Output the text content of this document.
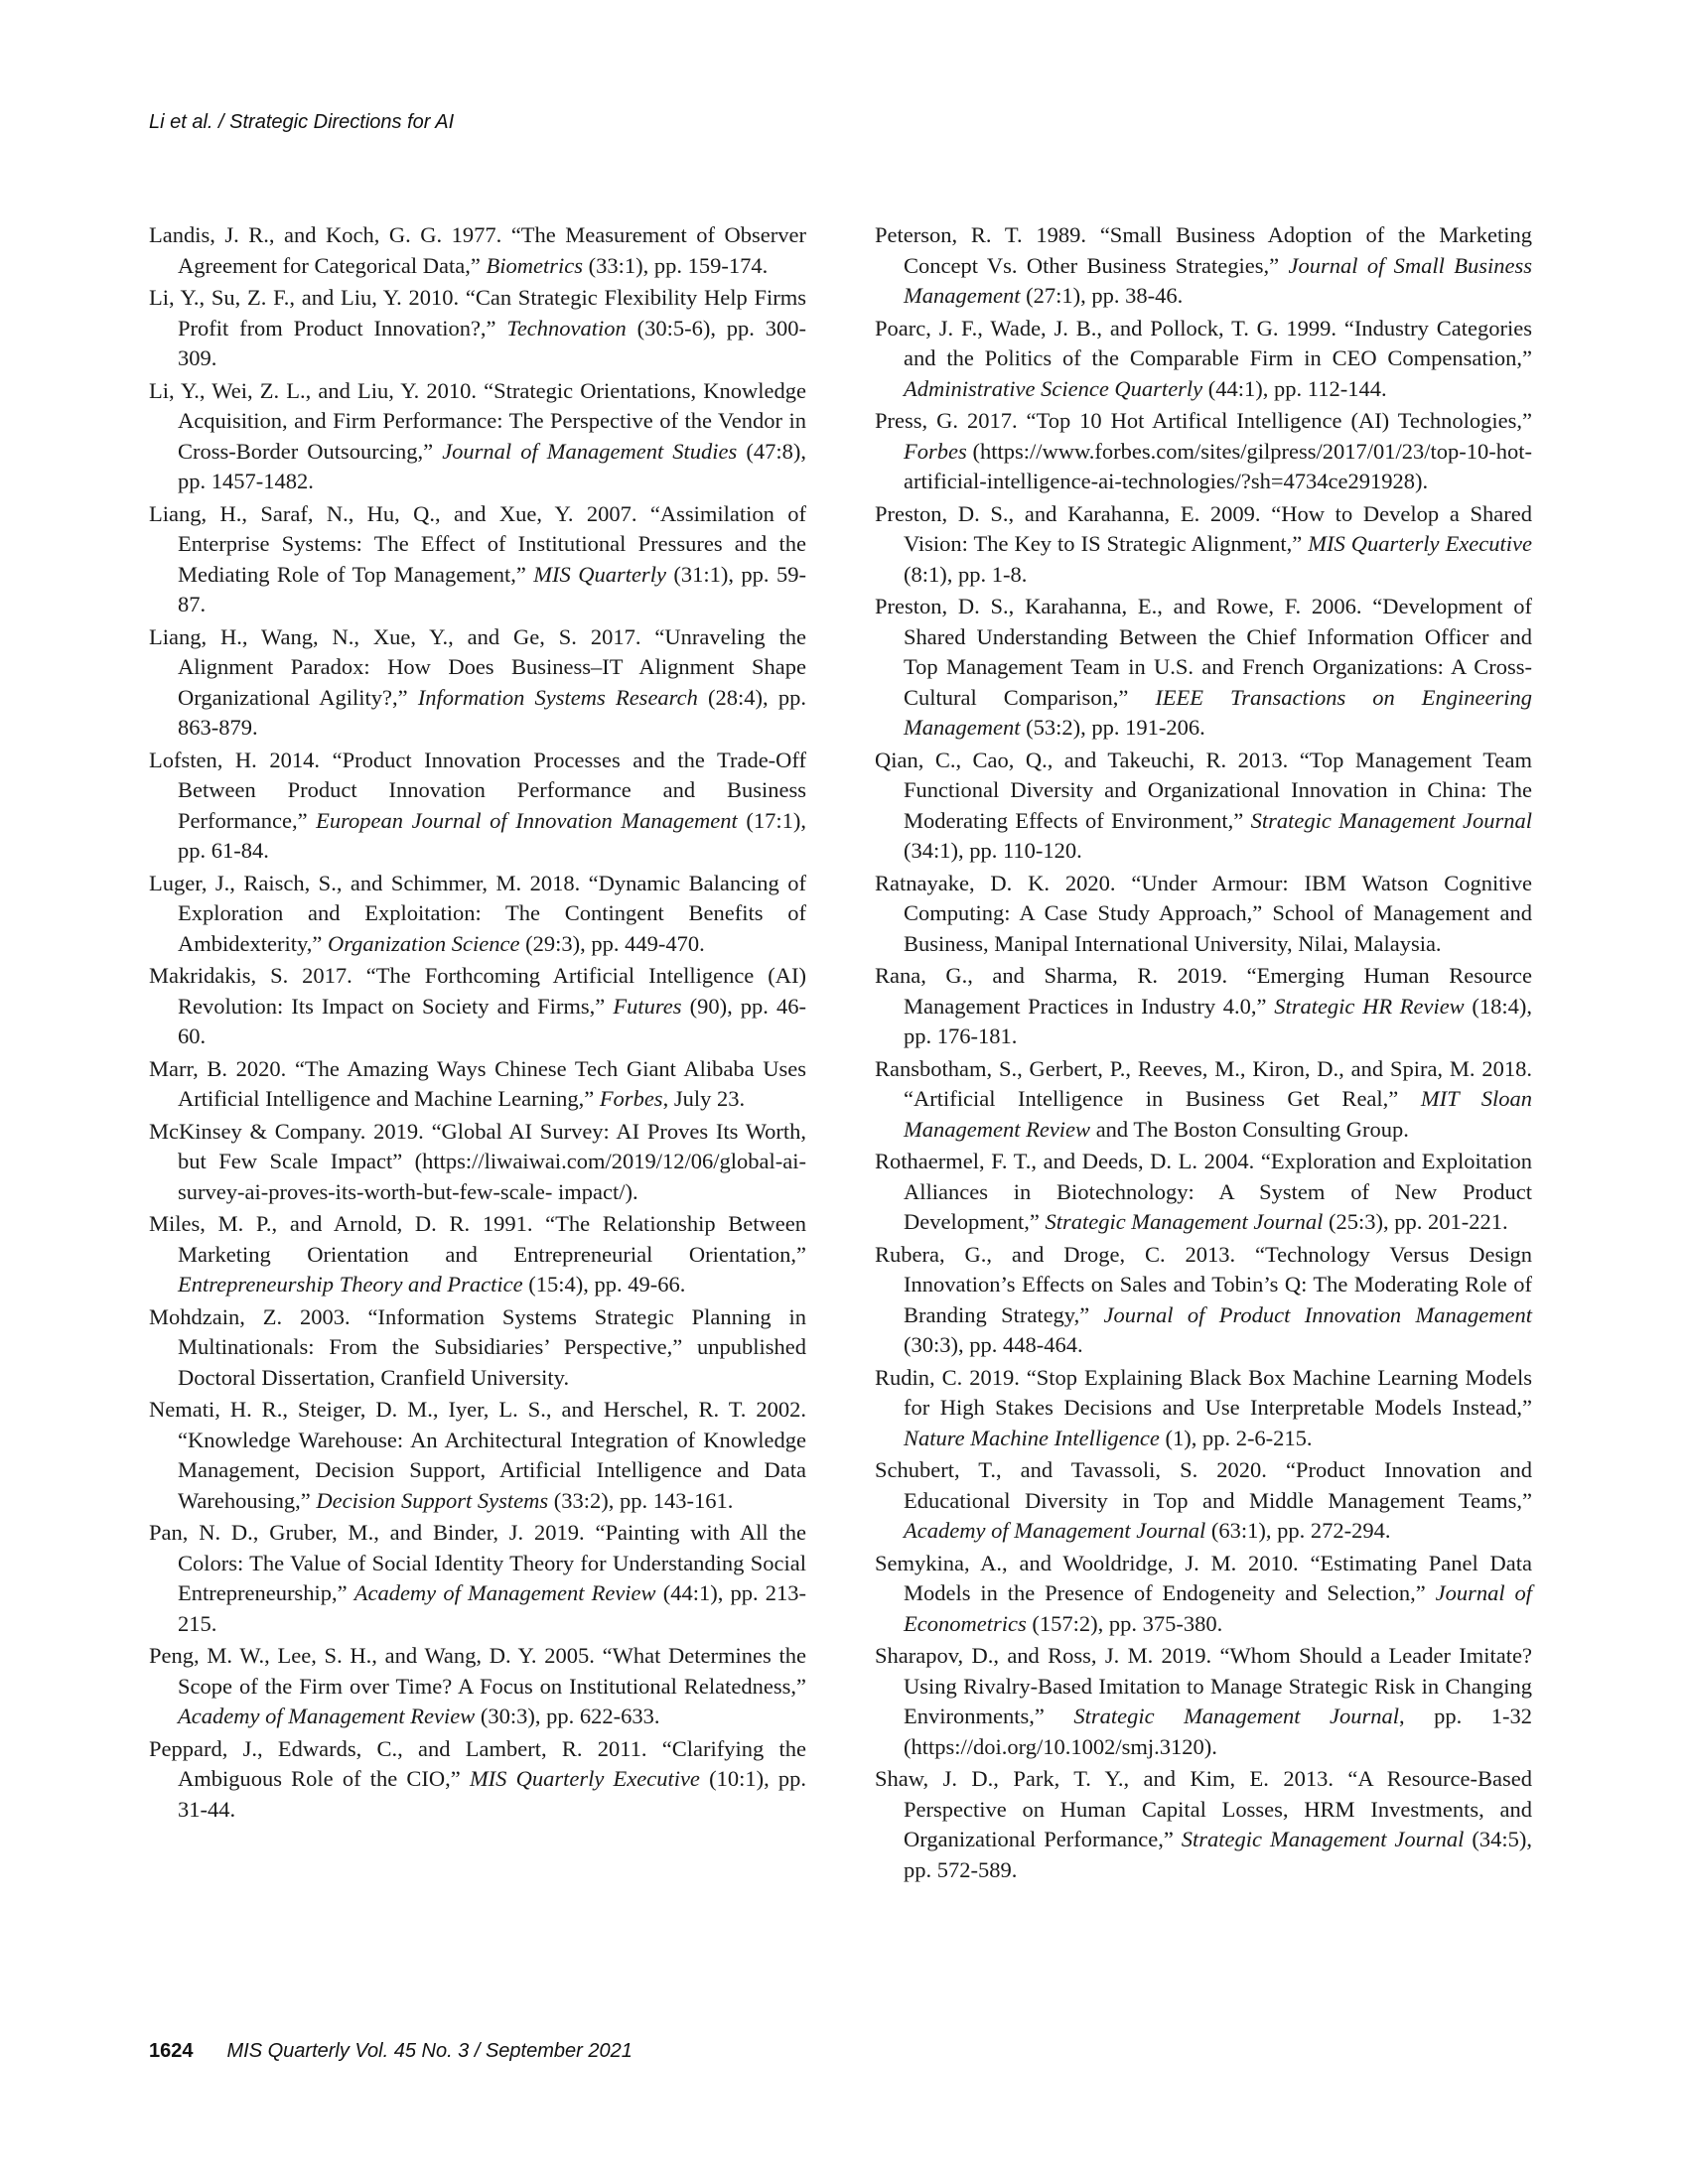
Li et al. / Strategic Directions for AI

Landis, J. R., and Koch, G. G. 1977. “The Measurement of Observer Agreement for Categorical Data,” Biometrics (33:1), pp. 159-174.

Li, Y., Su, Z. F., and Liu, Y. 2010. “Can Strategic Flexibility Help Firms Profit from Product Innovation?,” Technovation (30:5-6), pp. 300-309.

Li, Y., Wei, Z. L., and Liu, Y. 2010. “Strategic Orientations, Knowledge Acquisition, and Firm Performance: The Perspective of the Vendor in Cross-Border Outsourcing,” Journal of Management Studies (47:8), pp. 1457-1482.

Liang, H., Saraf, N., Hu, Q., and Xue, Y. 2007. “Assimilation of Enterprise Systems: The Effect of Institutional Pressures and the Mediating Role of Top Management,” MIS Quarterly (31:1), pp. 59-87.

Liang, H., Wang, N., Xue, Y., and Ge, S. 2017. “Unraveling the Alignment Paradox: How Does Business–IT Alignment Shape Organizational Agility?,” Information Systems Research (28:4), pp. 863-879.

Lofsten, H. 2014. “Product Innovation Processes and the Trade-Off Between Product Innovation Performance and Business Performance,” European Journal of Innovation Management (17:1), pp. 61-84.

Luger, J., Raisch, S., and Schimmer, M. 2018. “Dynamic Balancing of Exploration and Exploitation: The Contingent Benefits of Ambidexterity,” Organization Science (29:3), pp. 449-470.

Makridakis, S. 2017. “The Forthcoming Artificial Intelligence (AI) Revolution: Its Impact on Society and Firms,” Futures (90), pp. 46-60.

Marr, B. 2020. “The Amazing Ways Chinese Tech Giant Alibaba Uses Artificial Intelligence and Machine Learning,” Forbes, July 23.

McKinsey & Company. 2019. “Global AI Survey: AI Proves Its Worth, but Few Scale Impact” (https://liwaiwai.com/2019/12/06/global-ai-survey-ai-proves-its-worth-but-few-scale- impact/).

Miles, M. P., and Arnold, D. R. 1991. “The Relationship Between Marketing Orientation and Entrepreneurial Orientation,” Entrepreneurship Theory and Practice (15:4), pp. 49-66.

Mohdzain, Z. 2003. “Information Systems Strategic Planning in Multinationals: From the Subsidiaries’ Perspective,” unpublished Doctoral Dissertation, Cranfield University.

Nemati, H. R., Steiger, D. M., Iyer, L. S., and Herschel, R. T. 2002. “Knowledge Warehouse: An Architectural Integration of Knowledge Management, Decision Support, Artificial Intelligence and Data Warehousing,” Decision Support Systems (33:2), pp. 143-161.

Pan, N. D., Gruber, M., and Binder, J. 2019. “Painting with All the Colors: The Value of Social Identity Theory for Understanding Social Entrepreneurship,” Academy of Management Review (44:1), pp. 213-215.

Peng, M. W., Lee, S. H., and Wang, D. Y. 2005. “What Determines the Scope of the Firm over Time? A Focus on Institutional Relatedness,” Academy of Management Review (30:3), pp. 622-633.

Peppard, J., Edwards, C., and Lambert, R. 2011. “Clarifying the Ambiguous Role of the CIO,” MIS Quarterly Executive (10:1), pp. 31-44.

Peterson, R. T. 1989. “Small Business Adoption of the Marketing Concept Vs. Other Business Strategies,” Journal of Small Business Management (27:1), pp. 38-46.

Poarc, J. F., Wade, J. B., and Pollock, T. G. 1999. “Industry Categories and the Politics of the Comparable Firm in CEO Compensation,” Administrative Science Quarterly (44:1), pp. 112-144.

Press, G. 2017. “Top 10 Hot Artifical Intelligence (AI) Technologies,” Forbes (https://www.forbes.com/sites/gilpress/2017/01/23/top-10-hot-artificial-intelligence-ai-technologies/?sh=4734ce291928).

Preston, D. S., and Karahanna, E. 2009. “How to Develop a Shared Vision: The Key to IS Strategic Alignment,” MIS Quarterly Executive (8:1), pp. 1-8.

Preston, D. S., Karahanna, E., and Rowe, F. 2006. “Development of Shared Understanding Between the Chief Information Officer and Top Management Team in U.S. and French Organizations: A Cross-Cultural Comparison,” IEEE Transactions on Engineering Management (53:2), pp. 191-206.

Qian, C., Cao, Q., and Takeuchi, R. 2013. “Top Management Team Functional Diversity and Organizational Innovation in China: The Moderating Effects of Environment,” Strategic Management Journal (34:1), pp. 110-120.

Ratnayake, D. K. 2020. “Under Armour: IBM Watson Cognitive Computing: A Case Study Approach,” School of Management and Business, Manipal International University, Nilai, Malaysia.

Rana, G., and Sharma, R. 2019. “Emerging Human Resource Management Practices in Industry 4.0,” Strategic HR Review (18:4), pp. 176-181.

Ransbotham, S., Gerbert, P., Reeves, M., Kiron, D., and Spira, M. 2018. “Artificial Intelligence in Business Get Real,” MIT Sloan Management Review and The Boston Consulting Group.

Rothaermel, F. T., and Deeds, D. L. 2004. “Exploration and Exploitation Alliances in Biotechnology: A System of New Product Development,” Strategic Management Journal (25:3), pp. 201-221.

Rubera, G., and Droge, C. 2013. “Technology Versus Design Innovation’s Effects on Sales and Tobin’s Q: The Moderating Role of Branding Strategy,” Journal of Product Innovation Management (30:3), pp. 448-464.

Rudin, C. 2019. “Stop Explaining Black Box Machine Learning Models for High Stakes Decisions and Use Interpretable Models Instead,” Nature Machine Intelligence (1), pp. 2-6-215.

Schubert, T., and Tavassoli, S. 2020. “Product Innovation and Educational Diversity in Top and Middle Management Teams,” Academy of Management Journal (63:1), pp. 272-294.

Semykina, A., and Wooldridge, J. M. 2010. “Estimating Panel Data Models in the Presence of Endogeneity and Selection,” Journal of Econometrics (157:2), pp. 375-380.

Sharapov, D., and Ross, J. M. 2019. “Whom Should a Leader Imitate? Using Rivalry-Based Imitation to Manage Strategic Risk in Changing Environments,” Strategic Management Journal, pp. 1-32 (https://doi.org/10.1002/smj.3120).

Shaw, J. D., Park, T. Y., and Kim, E. 2013. “A Resource-Based Perspective on Human Capital Losses, HRM Investments, and Organizational Performance,” Strategic Management Journal (34:5), pp. 572-589.

1624 MIS Quarterly Vol. 45 No. 3 / September 2021
